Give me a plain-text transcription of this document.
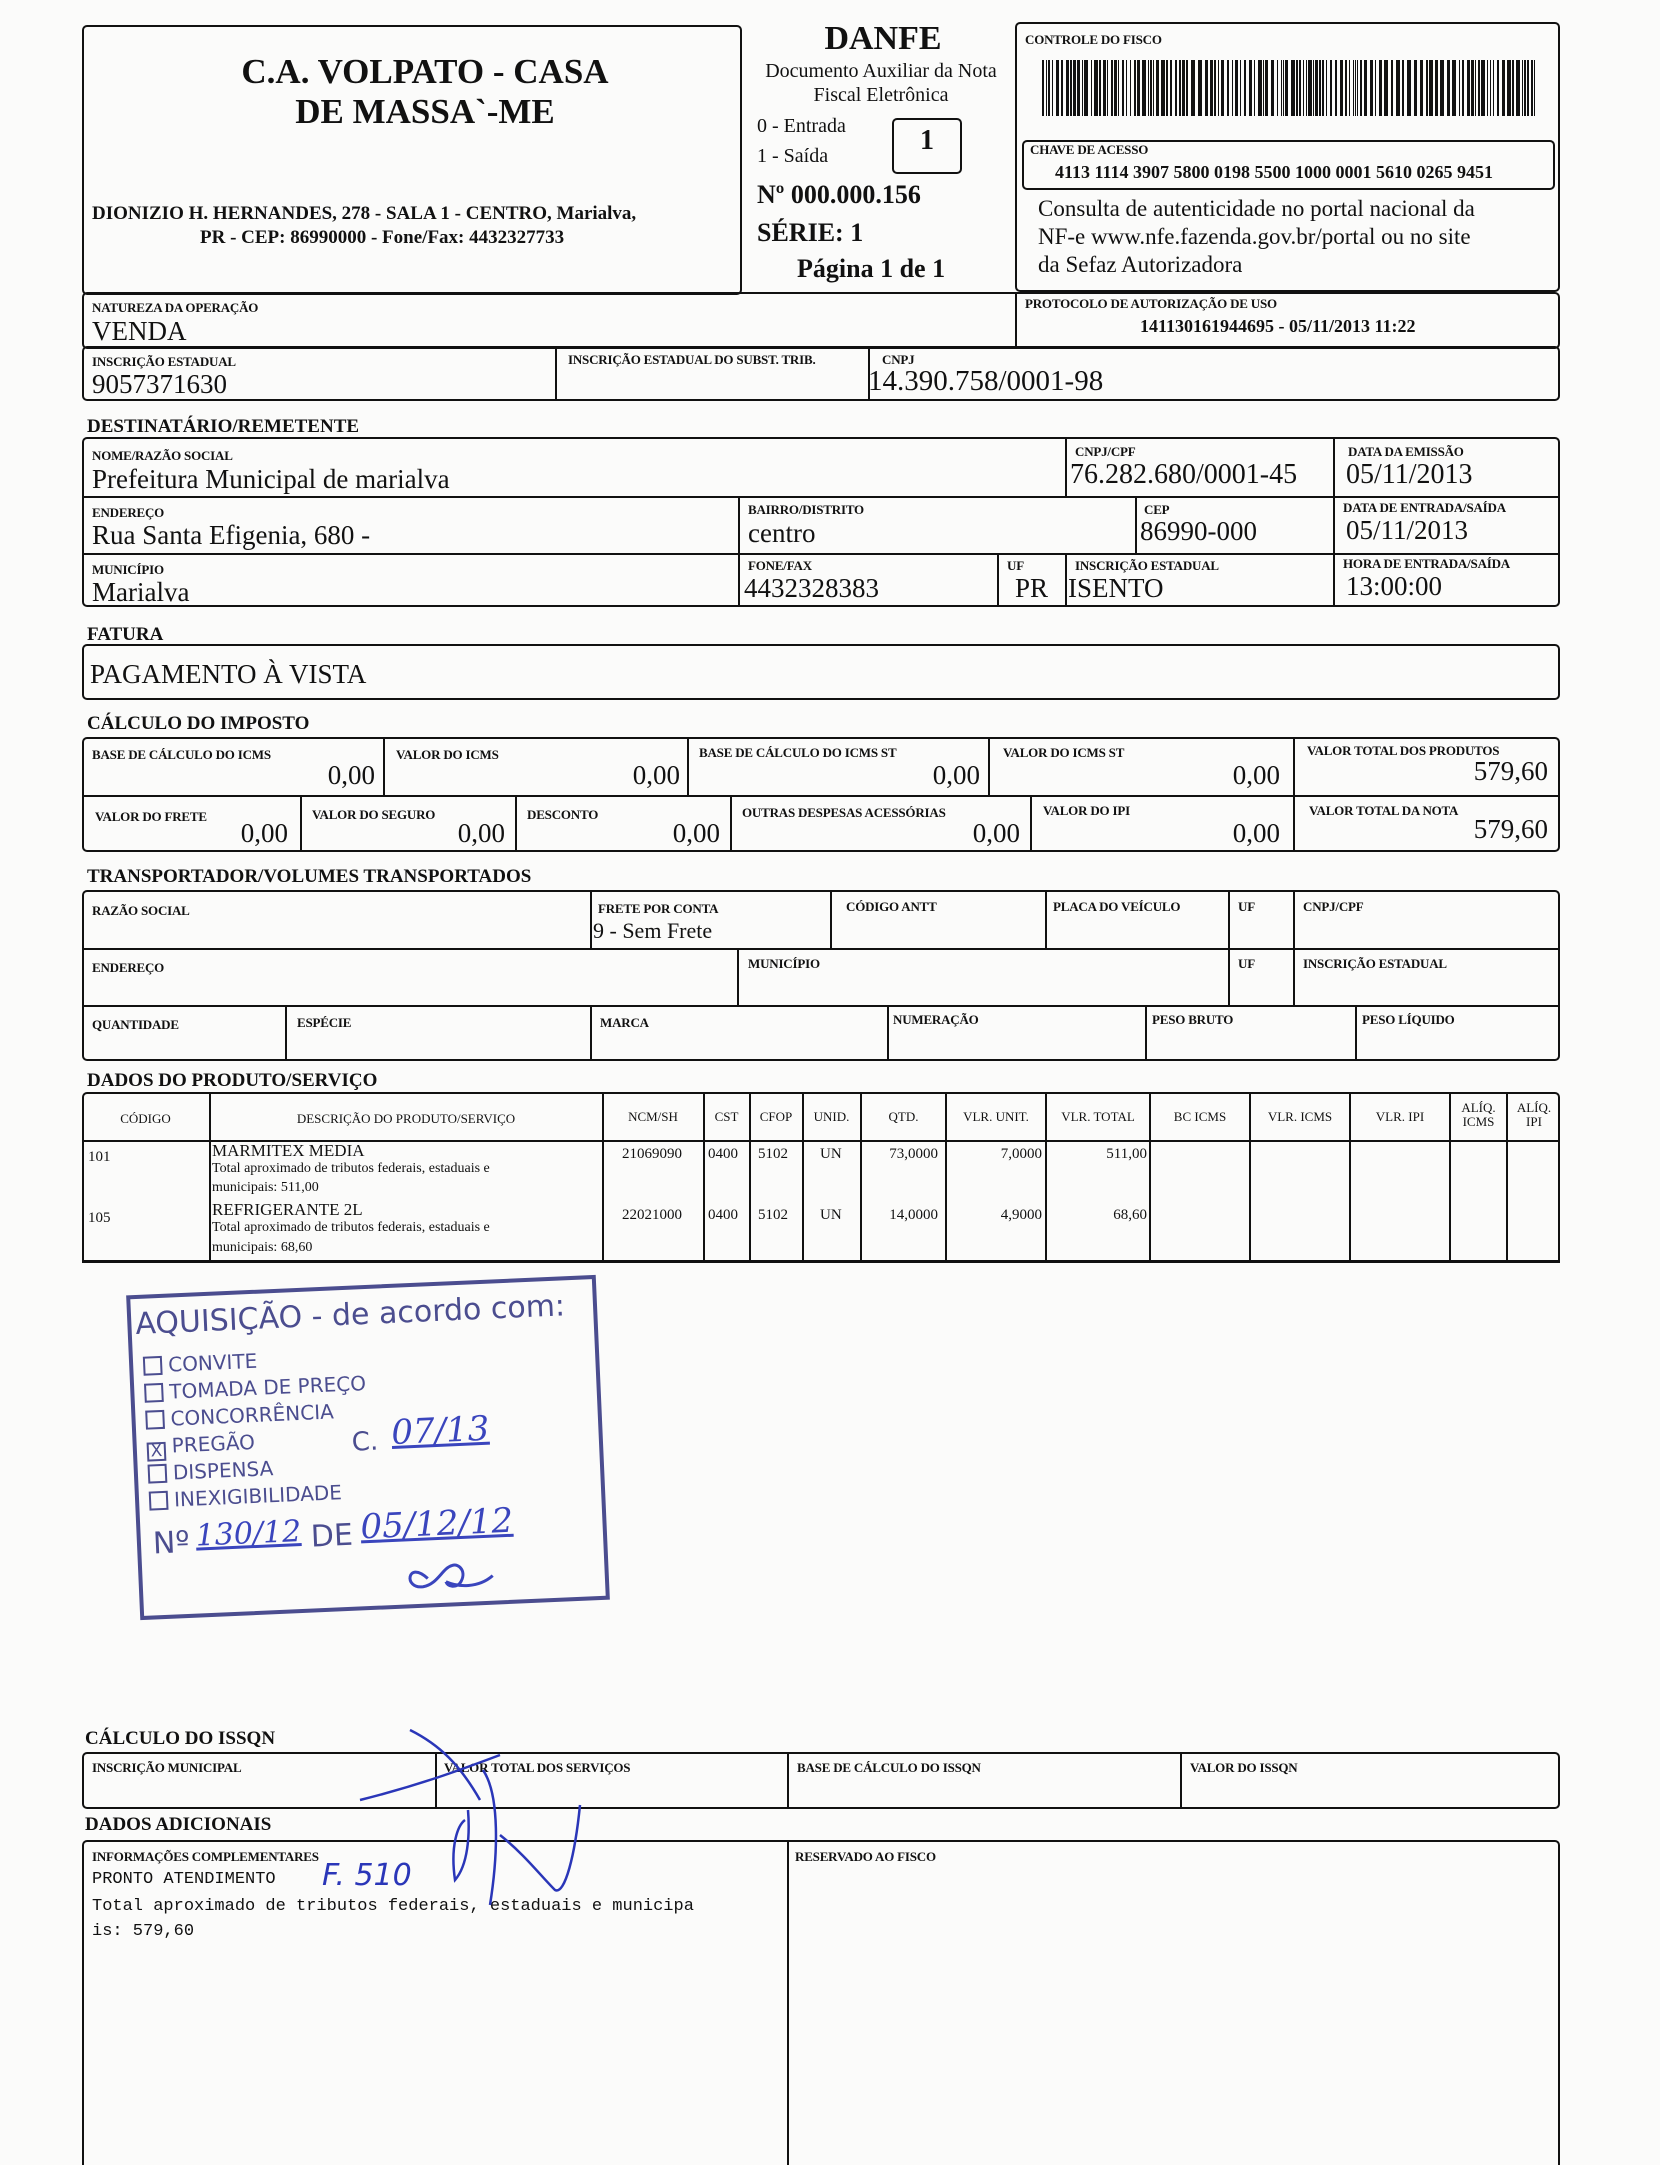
C.A. VOLPATO - CASA DE MASSA`-ME
DIONIZIO H. HERNANDES, 278 - SALA 1 - CENTRO, Marialva,
PR - CEP: 86990000 - Fone/Fax: 4432327733
DANFE
Documento Auxiliar da Nota
Fiscal Eletrônica
0 - Entrada
1 - Saída	1
Nº 000.000.156
SÉRIE: 1
Página 1 de 1
CONTROLE DO FISCO
CHAVE DE ACESSO
4113 1114 3907 5800 0198 5500 1000 0001 5610 0265 9451
Consulta de autenticidade no portal nacional da
NF-e www.nfe.fazenda.gov.br/portal ou no site
da Sefaz Autorizadora
NATUREZA DA OPERAÇÃO
VENDA
PROTOCOLO DE AUTORIZAÇÃO DE USO
141130161944695 - 05/11/2013 11:22
INSCRIÇÃO ESTADUAL
9057371630
INSCRIÇÃO ESTADUAL DO SUBST. TRIB.	CNPJ
14.390.758/0001-98
DESTINATÁRIO/REMETENTE
NOME/RAZÃO SOCIAL
Prefeitura Municipal de marialva
CNPJ/CPF
76.282.680/0001-45
DATA DA EMISSÃO
05/11/2013
ENDEREÇO
Rua Santa Efigenia, 680 -
BAIRRO/DISTRITO
centro
CEP
86990-000
DATA DE ENTRADA/SAÍDA
05/11/2013
MUNICÍPIO
Marialva
FONE/FAX
4432328383
UF
PR
INSCRIÇÃO ESTADUAL
ISENTO
HORA DE ENTRADA/SAÍDA
13:00:00
FATURA
PAGAMENTO À VISTA
CÁLCULO DO IMPOSTO
BASE DE CÁLCULO DO ICMS
0,00
VALOR DO ICMS
0,00
BASE DE CÁLCULO DO ICMS ST
0,00
VALOR DO ICMS ST
0,00
VALOR TOTAL DOS PRODUTOS
579,60
VALOR DO FRETE
0,00
VALOR DO SEGURO
0,00
DESCONTO
0,00
OUTRAS DESPESAS ACESSÓRIAS
0,00
VALOR DO IPI
0,00
VALOR TOTAL DA NOTA
579,60
TRANSPORTADOR/VOLUMES TRANSPORTADOS
RAZÃO SOCIAL	FRETE POR CONTA
9 - Sem Frete
CÓDIGO ANTT	PLACA DO VEÍCULO	UF	CNPJ/CPF
ENDEREÇO	MUNICÍPIO	UF	INSCRIÇÃO ESTADUAL
QUANTIDADE	ESPÉCIE	MARCA	NUMERAÇÃO	PESO BRUTO	PESO LÍQUIDO
DADOS DO PRODUTO/SERVIÇO
CÓDIGO	DESCRIÇÃO DO PRODUTO/SERVIÇO	NCM/SH	CST	CFOP	UNID.	QTD.	VLR. UNIT.	VLR. TOTAL	BC ICMS	VLR. ICMS	VLR. IPI
ALÍQ.
ICMS
ALÍQ.
IPI
101	MARMITEX MEDIA
Total aproximado de tributos federais, estaduais e
municipais: 511,00
21069090 0400 5102 UN	73,0000	7,0000	511,00
105	REFRIGERANTE 2L
Total aproximado de tributos federais, estaduais e
municipais: 68,60
22021000 0400 5102 UN	14,0000	4,9000	68,60
AQUISIÇÃO - de acordo com:
CONVITE
TOMADA DE PREÇO
CONCORRÊNCIA
X PREGÃO
DISPENSA
INEXIGIBILIDADE
C. 07/13
Nº 130/12 DE 05/12/12
CÁLCULO DO ISSQN
INSCRIÇÃO MUNICIPAL	VALOR TOTAL DOS SERVIÇOS	BASE DE CÁLCULO DO ISSQN	VALOR DO ISSQN
DADOS ADICIONAIS
INFORMAÇÕES COMPLEMENTARES
PRONTO ATENDIMENTO
Total aproximado de tributos federais, estaduais e municipa
is: 579,60
F. 510
RESERVADO AO FISCO
